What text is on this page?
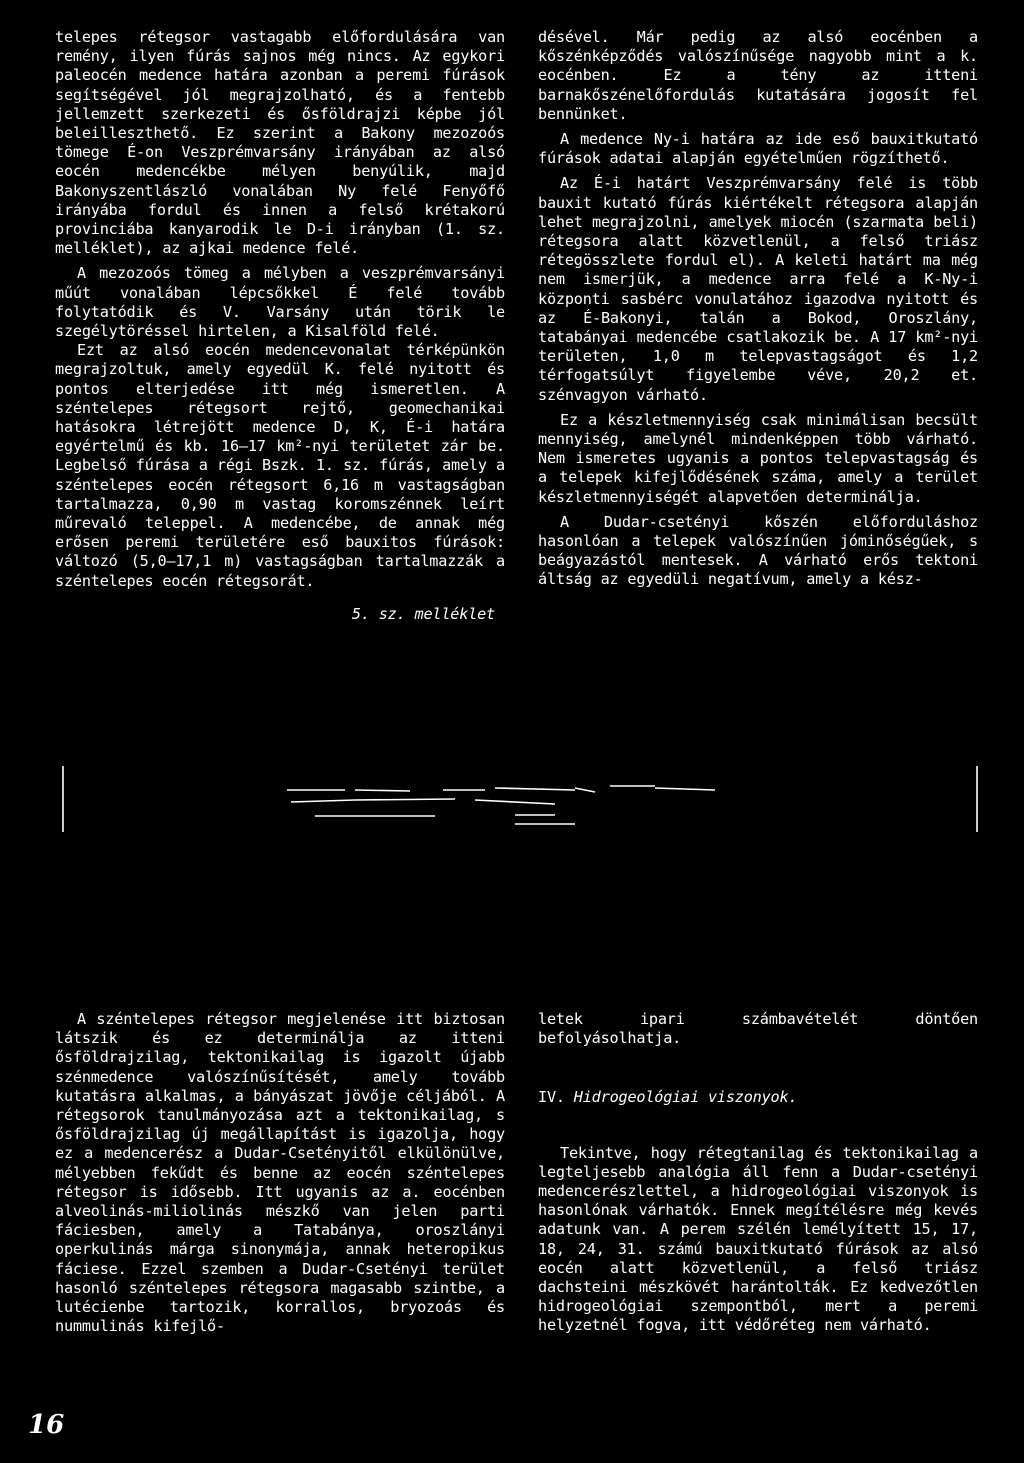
telepes rétegsor vastagabb előfordulására van remény, ilyen fúrás sajnos még nincs. Az egykori paleocén medence határa azonban a peremi fúrások segítségével jól megrajzolható, és a fentebb jellemzett szerkezeti és ősföldrajzi képbe jól beleilleszthető. Ez szerint a Bakony mezozoós tömege É-on Veszprémvarsány irányában az alsó eocén medencékbe mélyen benyúlik, majd Bakonyszentlászló vonalában Ny felé Fenyőfő irányába fordul és innen a felső krétakorú provinciába kanyarodik le D-i irányban (1. sz. melléklet), az ajkai medence felé.

A mezozoós tömeg a mélyben a veszprémvarsányi műút vonalában lépcsőkkel É felé tovább folytatódik és V. Varsány után törik le szegélytöréssel hirtelen, a Kisalföld felé.

Ezt az alsó eocén medencevonalat térképünkön megrajzoltuk, amely egyedül K. felé nyitott és pontos elterjedése itt még ismeretlen. A széntelepes rétegsort rejtő, geomechanikai hatásokra létrejött medence D, K, É-i határa egyértelmű és kb. 16—17 km²-nyi területet zár be. Legbelső fúrása a régi Bszk. 1. sz. fúrás, amely a széntelepes eocén rétegsort 6,16 m vastagságban tartalmazza, 0,90 m vastag koromszénnek leírt műrevaló teleppel. A medencébe, de annak még erősen peremi területére eső bauxitos fúrások: változó (5,0—17,1 m) vastagságban tartalmazzák a széntelepes eocén rétegsorát.

5. sz. melléklet

désével. Már pedig az alsó eocénben a kőszénképződés valószínűsége nagyobb mint a k. eocénben. Ez a tény az itteni barnakőszénelőfordulás kutatására jogosít fel bennünket.

A medence Ny-i határa az ide eső bauxitkutató fúrások adatai alapján egyételműen rögzíthető.

Az É-i határt Veszprémvarsány felé is több bauxit kutató fúrás kiértékelt rétegsora alapján lehet megrajzolni, amelyek miocén (szarmata beli) rétegsora alatt közvetlenül, a felső triász rétegösszlete fordul el). A keleti határt ma még nem ismerjük, a medence arra felé a K-Ny-i központi sasbérc vonulatához igazodva nyitott és az É-Bakonyi, talán a Bokod, Oroszlány, tatabányai medencébe csatlakozik be. A 17 km²-nyi területen, 1,0 m telepvastagságot és 1,2 térfogatsúlyt figyelembe véve, 20,2 et. szénvagyon várható.

Ez a készletmennyiség csak minimálisan becsült mennyiség, amelynél mindenképpen több várható. Nem ismeretes ugyanis a pontos telepvastagság és a telepek kifejlődésének száma, amely a terület készletmennyiségét alapvetően determinálja.

A Dudar-csetényi kőszén előforduláshoz hasonlóan a telepek valószínűen jóminőségűek, s beágyazástól mentesek. A várható erős tektoni áltság az egyedüli negatívum, amely a kész-

A széntelepes rétegsor megjelenése itt biztosan látszik és ez determinálja az itteni ősföldrajzilag, tektonikailag is igazolt újabb szénmedence valószínűsítését, amely tovább kutatásra alkalmas, a bányászat jövője céljából. A rétegsorok tanulmányozása azt a tektonikailag, s ősföldrajzilag új megállapítást is igazolja, hogy ez a medencerész a Dudar-Csetényitől elkülönülve, mélyebben fekűdt és benne az eocén széntelepes rétegsor is idősebb. Itt ugyanis az a. eocénben alveolinás-miliolinás mészkő van jelen parti fáciesben, amely a Tatabánya, oroszlányi operkulinás márga sinonymája, annak heteropikus fáciese. Ezzel szemben a Dudar-Csetényi terület hasonló széntelepes rétegsora magasabb szintbe, a lutécienbe tartozik, korrallos, bryozoás és nummulinás kifejlő-

letek ipari számbavételét döntően befolyásolhatja.

IV. Hidrogeológiai viszonyok.

Tekintve, hogy rétegtanilag és tektonikailag a legteljesebb analógia áll fenn a Dudar-csetényi medencerészlettel, a hidrogeológiai viszonyok is hasonlónak várhatók. Ennek megítélésre még kevés adatunk van. A perem szélén lemélyített 15, 17, 18, 24, 31. számú bauxitkutató fúrások az alsó eocén alatt közvetlenül, a felső triász dachsteini mészkövét harántolták. Ez kedvezőtlen hidrogeológiai szempontból, mert a peremi helyzetnél fogva, itt védőréteg nem várható.

16
